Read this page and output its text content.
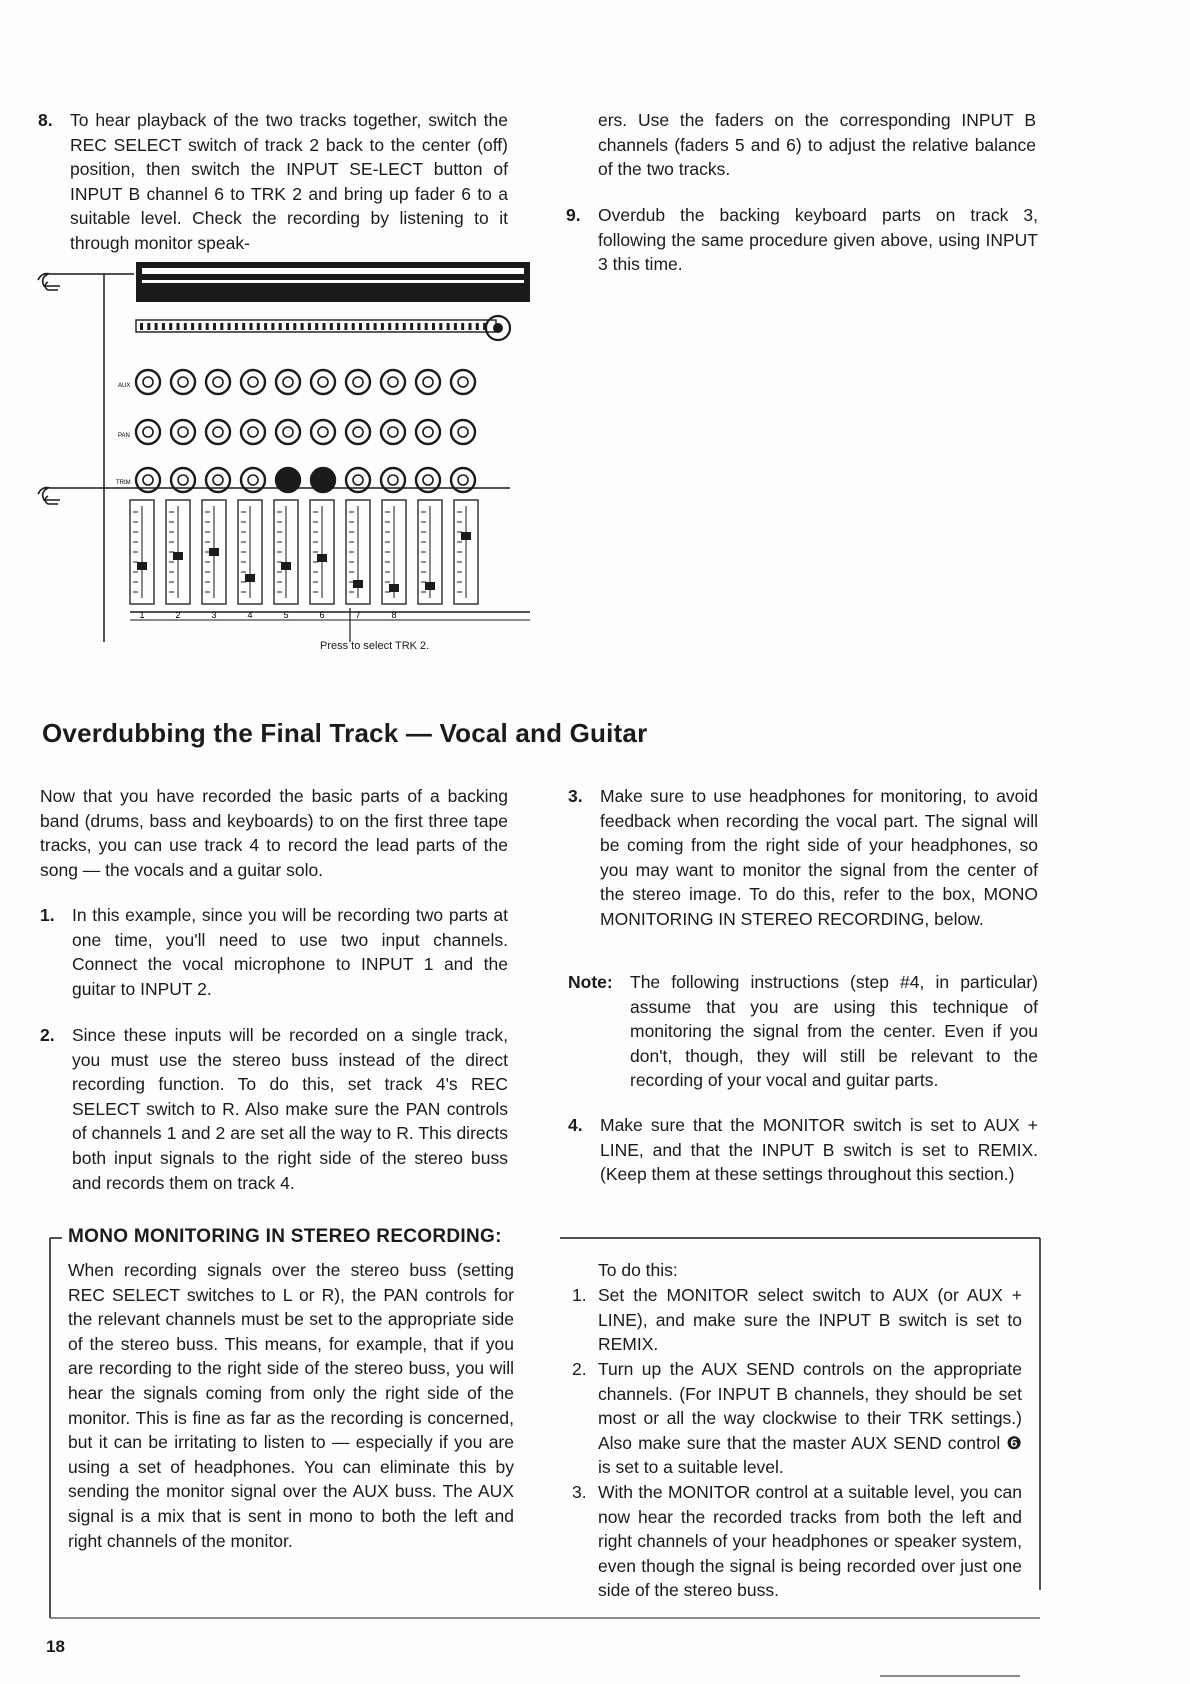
8. To hear playback of the two tracks together, switch the REC SELECT switch of track 2 back to the center (off) position, then switch the INPUT SE-LECT button of INPUT B channel 6 to TRK 2 and bring up fader 6 to a suitable level. Check the recording by listening to it through monitor speak-

ers. Use the faders on the corresponding INPUT B channels (faders 5 and 6) to adjust the relative balance of the two tracks.

9. Overdub the backing keyboard parts on track 3, following the same procedure given above, using INPUT 3 this time.
AUX
PAN
TRIM
1	2	3	4	5	6	7	8
Press to select TRK 2.
Overdubbing the Final Track — Vocal and Guitar

Now that you have recorded the basic parts of a backing band (drums, bass and keyboards) to on the first three tape tracks, you can use track 4 to record the lead parts of the song — the vocals and a guitar solo.

1. In this example, since you will be recording two parts at one time, you'll need to use two input channels. Connect the vocal microphone to INPUT 1 and the guitar to INPUT 2.
2. Since these inputs will be recorded on a single track, you must use the stereo buss instead of the direct recording function. To do this, set track 4's REC SELECT switch to R. Also make sure the PAN controls of channels 1 and 2 are set all the way to R. This directs both input signals to the right side of the stereo buss and records them on track 4.
3. Make sure to use headphones for monitoring, to avoid feedback when recording the vocal part. The signal will be coming from the right side of your headphones, so you may want to monitor the signal from the center of the stereo image. To do this, refer to the box, MONO MONITORING IN STEREO RECORDING, below.
Note: The following instructions (step #4, in particular) assume that you are using this technique of monitoring the signal from the center. Even if you don't, though, they will still be relevant to the recording of your vocal and guitar parts.
4. Make sure that the MONITOR switch is set to AUX + LINE, and that the INPUT B switch is set to REMIX. (Keep them at these settings throughout this section.)
MONO MONITORING IN STEREO RECORDING:

When recording signals over the stereo buss (setting REC SELECT switches to L or R), the PAN controls for the relevant channels must be set to the appropriate side of the stereo buss. This means, for example, that if you are recording to the right side of the stereo buss, you will hear the signals coming from only the right side of the monitor. This is fine as far as the recording is concerned, but it can be irritating to listen to — especially if you are using a set of headphones. You can eliminate this by sending the monitor signal over the AUX buss. The AUX signal is a mix that is sent in mono to both the left and right channels of the monitor.

To do this:

1. Set the MONITOR select switch to AUX (or AUX + LINE), and make sure the INPUT B switch is set to REMIX.
2. Turn up the AUX SEND controls on the appropriate channels. (For INPUT B channels, they should be set most or all the way clockwise to their TRK settings.) Also make sure that the master AUX SEND control ❻ is set to a suitable level.
3. With the MONITOR control at a suitable level, you can now hear the recorded tracks from both the left and right channels of your headphones or speaker system, even though the signal is being recorded over just one side of the stereo buss.
18
